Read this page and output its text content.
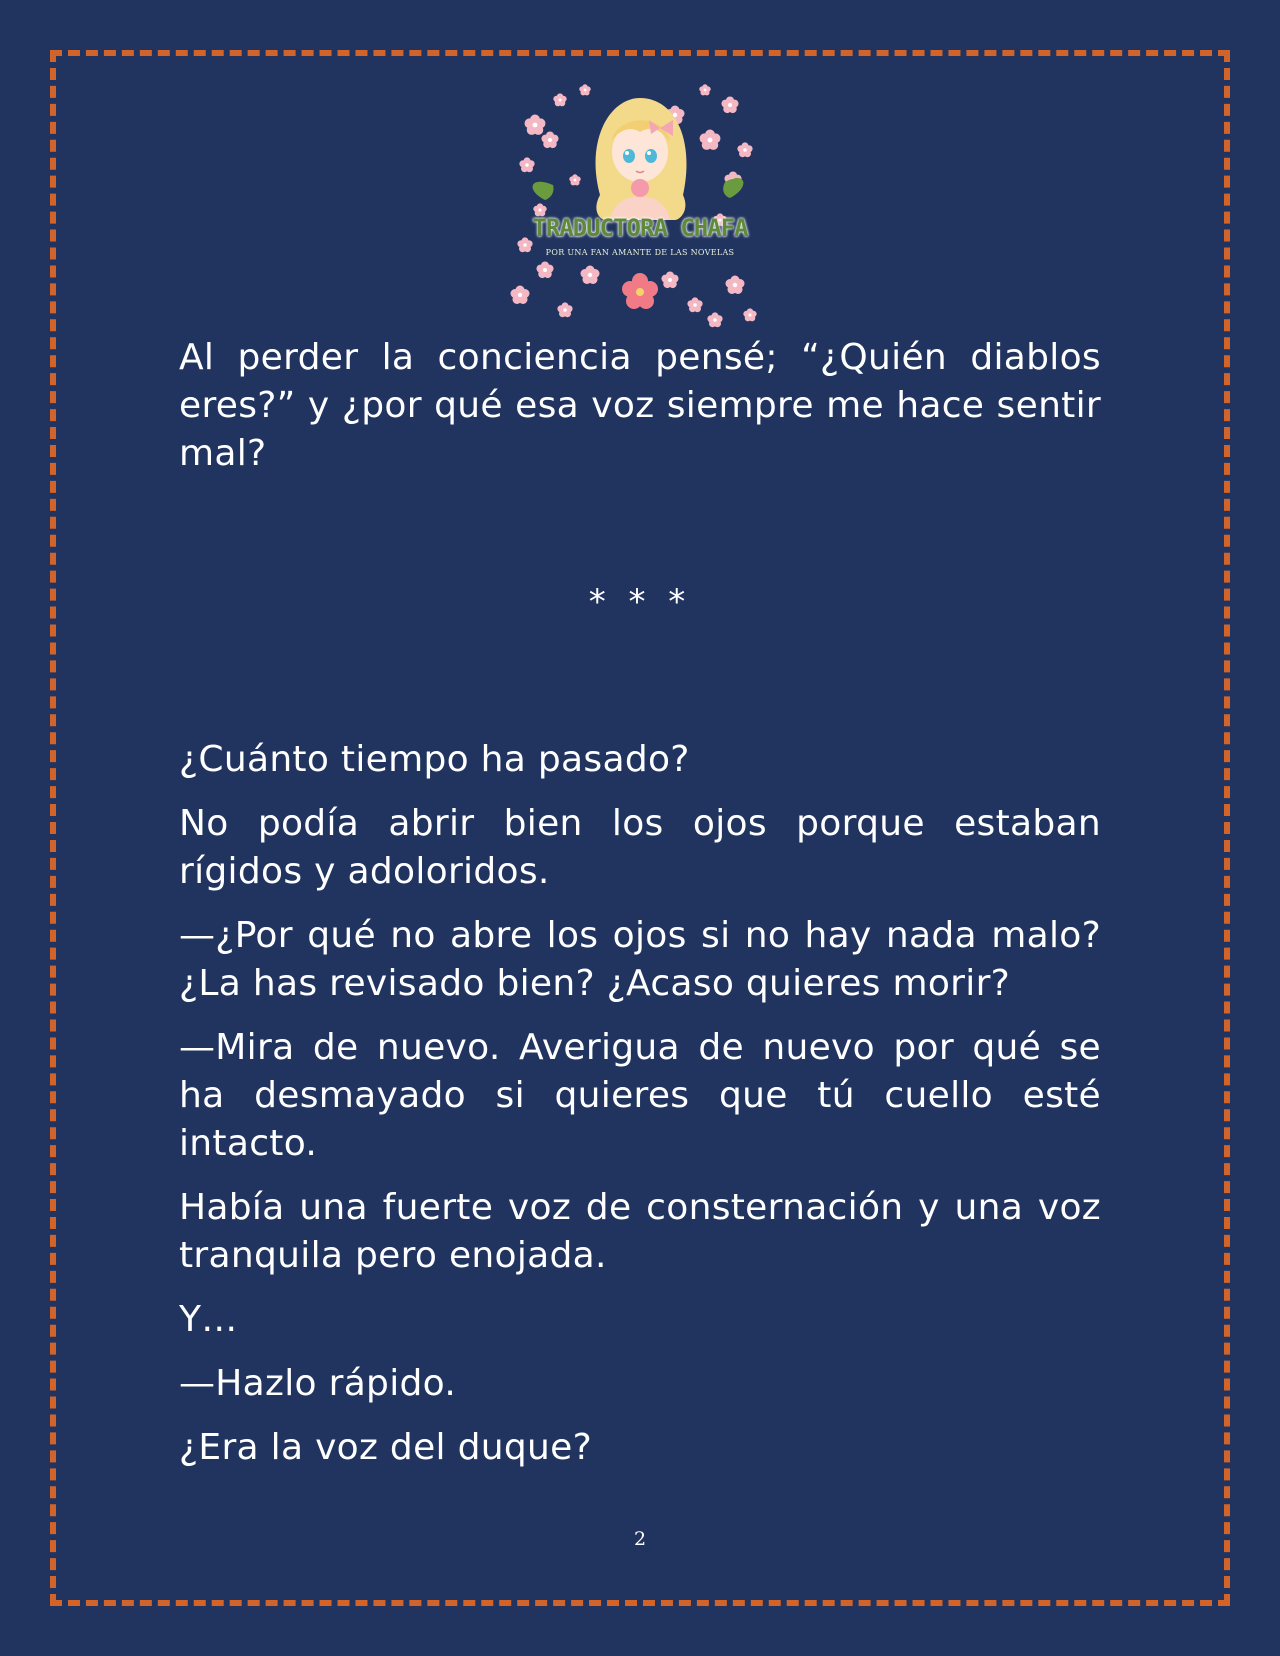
TRADUCTORA CHAFA
POR UNA FAN AMANTE DE LAS NOVELAS

Al perder la conciencia pensé; “¿Quién diablos eres?” y ¿por qué esa voz siempre me hace sentir mal?

* * *

¿Cuánto tiempo ha pasado?

No podía abrir bien los ojos porque estaban rígidos y adoloridos.

—¿Por qué no abre los ojos si no hay nada malo? ¿La has revisado bien? ¿Acaso quieres morir?

—Mira de nuevo. Averigua de nuevo por qué se ha desmayado si quieres que tú cuello esté intacto.

Había una fuerte voz de consternación y una voz tranquila pero enojada.

Y…

—Hazlo rápido.

¿Era la voz del duque?

2
